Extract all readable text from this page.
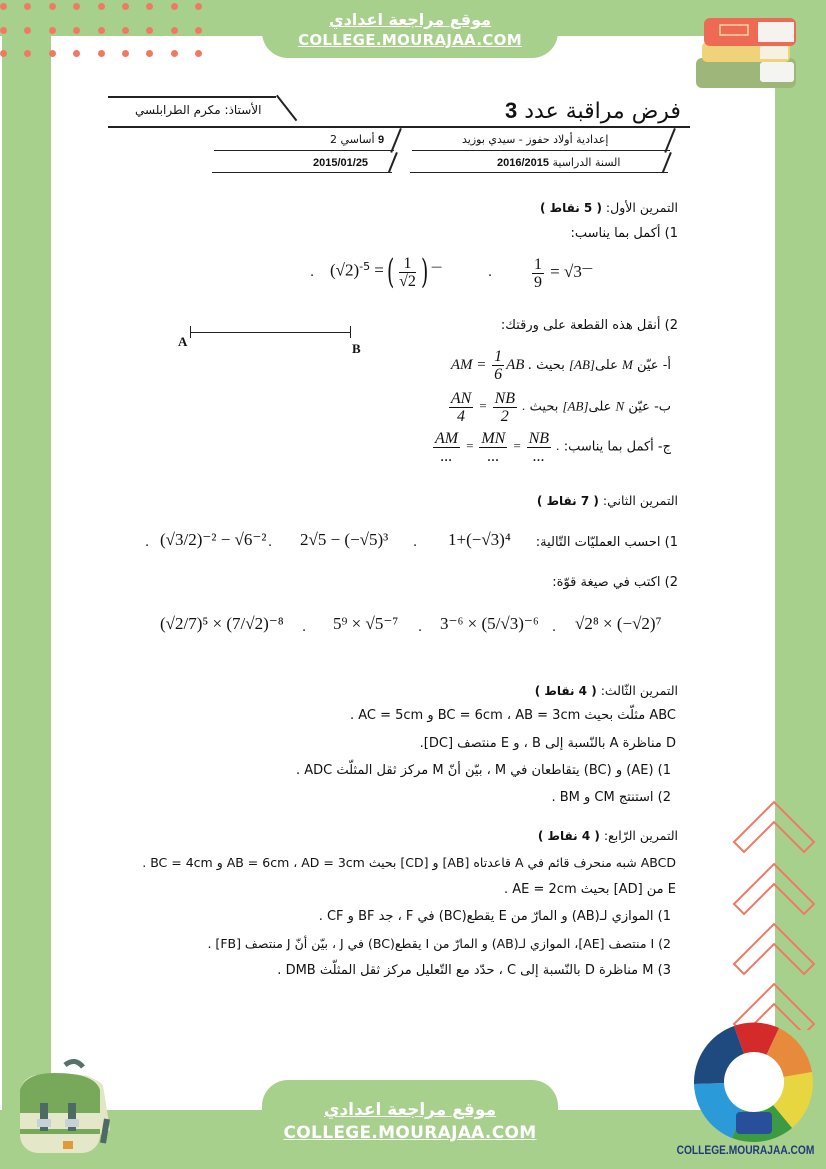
موقع مراجعة اعدادي
COLLEGE.MOURAJAA.COM
موقع مراجعة اعدادي
COLLEGE.MOURAJAA.COM
COLLEGE.MOURAJAA.COM
فرض مراقبة عدد 3
الأستاذ: مكرم الطرابلسي
إعدادية أولاد حفوز - سيدي بوزيد
9 أساسي 2
2015/01/25	السنة الدراسية 2016/2015
التمرين الأول: ( 5 نقاط )
1) أكمل بما يناسب:
$\frac{1}{9} = √3^—$
.
$(√2)^{-5}$ =( $\frac{1}{√2}$ ) —
.
2) أنقل هذه القطعة على ورقتك:
A	B
أ- عيّن M على[AB] بحيث AM = $\frac{1}{6}$ AB .
ب- عيّن N على[AB] بحيث
$\frac{AN}{4} = \frac{NB}{2}$ .
ج- أكمل بما يناسب:
$\frac{AM}{...} = \frac{MN}{...} = \frac{NB}{...}$ .
التمرين الثاني: ( 7 نقاط )
1) احسب العمليّات التّالية:
1+(−√3)⁴
.
2√5 − (−√5)³
.
(√3/2)⁻² − √6⁻²
.
2) اكتب في صيغة قوّة:
√2⁸ × (−√2)⁷
.
3⁻⁶ × (5/√3)⁻⁶
.
5⁹ × √5⁻⁷
.
(√2/7)⁵ × (7/√2)⁻⁸
التمرين الثّالث: ( 4 نقاط )
ABC مثلّث بحيث BC = 6cm ، AB = 3cm و AC = 5cm .
D مناظرة A بالنّسبة إلى B ، و E منتصف [DC].
1) (AE) و (BC) يتقاطعان في M ، بيّن أنّ M مركز ثقل المثلّث ADC .
2) استنتج CM و BM .
التمرين الرّابع: ( 4 نقاط )
ABCD شبه منحرف قائم في A قاعدتاه [AB] و [CD] بحيث AB = 6cm ، AD = 3cm و BC = 4cm .
E من [AD] بحيث AE = 2cm .
1) الموازي لـ(AB) و المارّ من E يقطع(BC) في F ، جد BF و CF .
2) I منتصف [AE]، الموازي لـ(AB) و المارّ من I يقطع(BC) في J ، بيّن أنّ J منتصف [FB] .
3) M مناظرة D بالنّسبة إلى C ، حدّد مع التّعليل مركز ثقل المثلّث DMB .
